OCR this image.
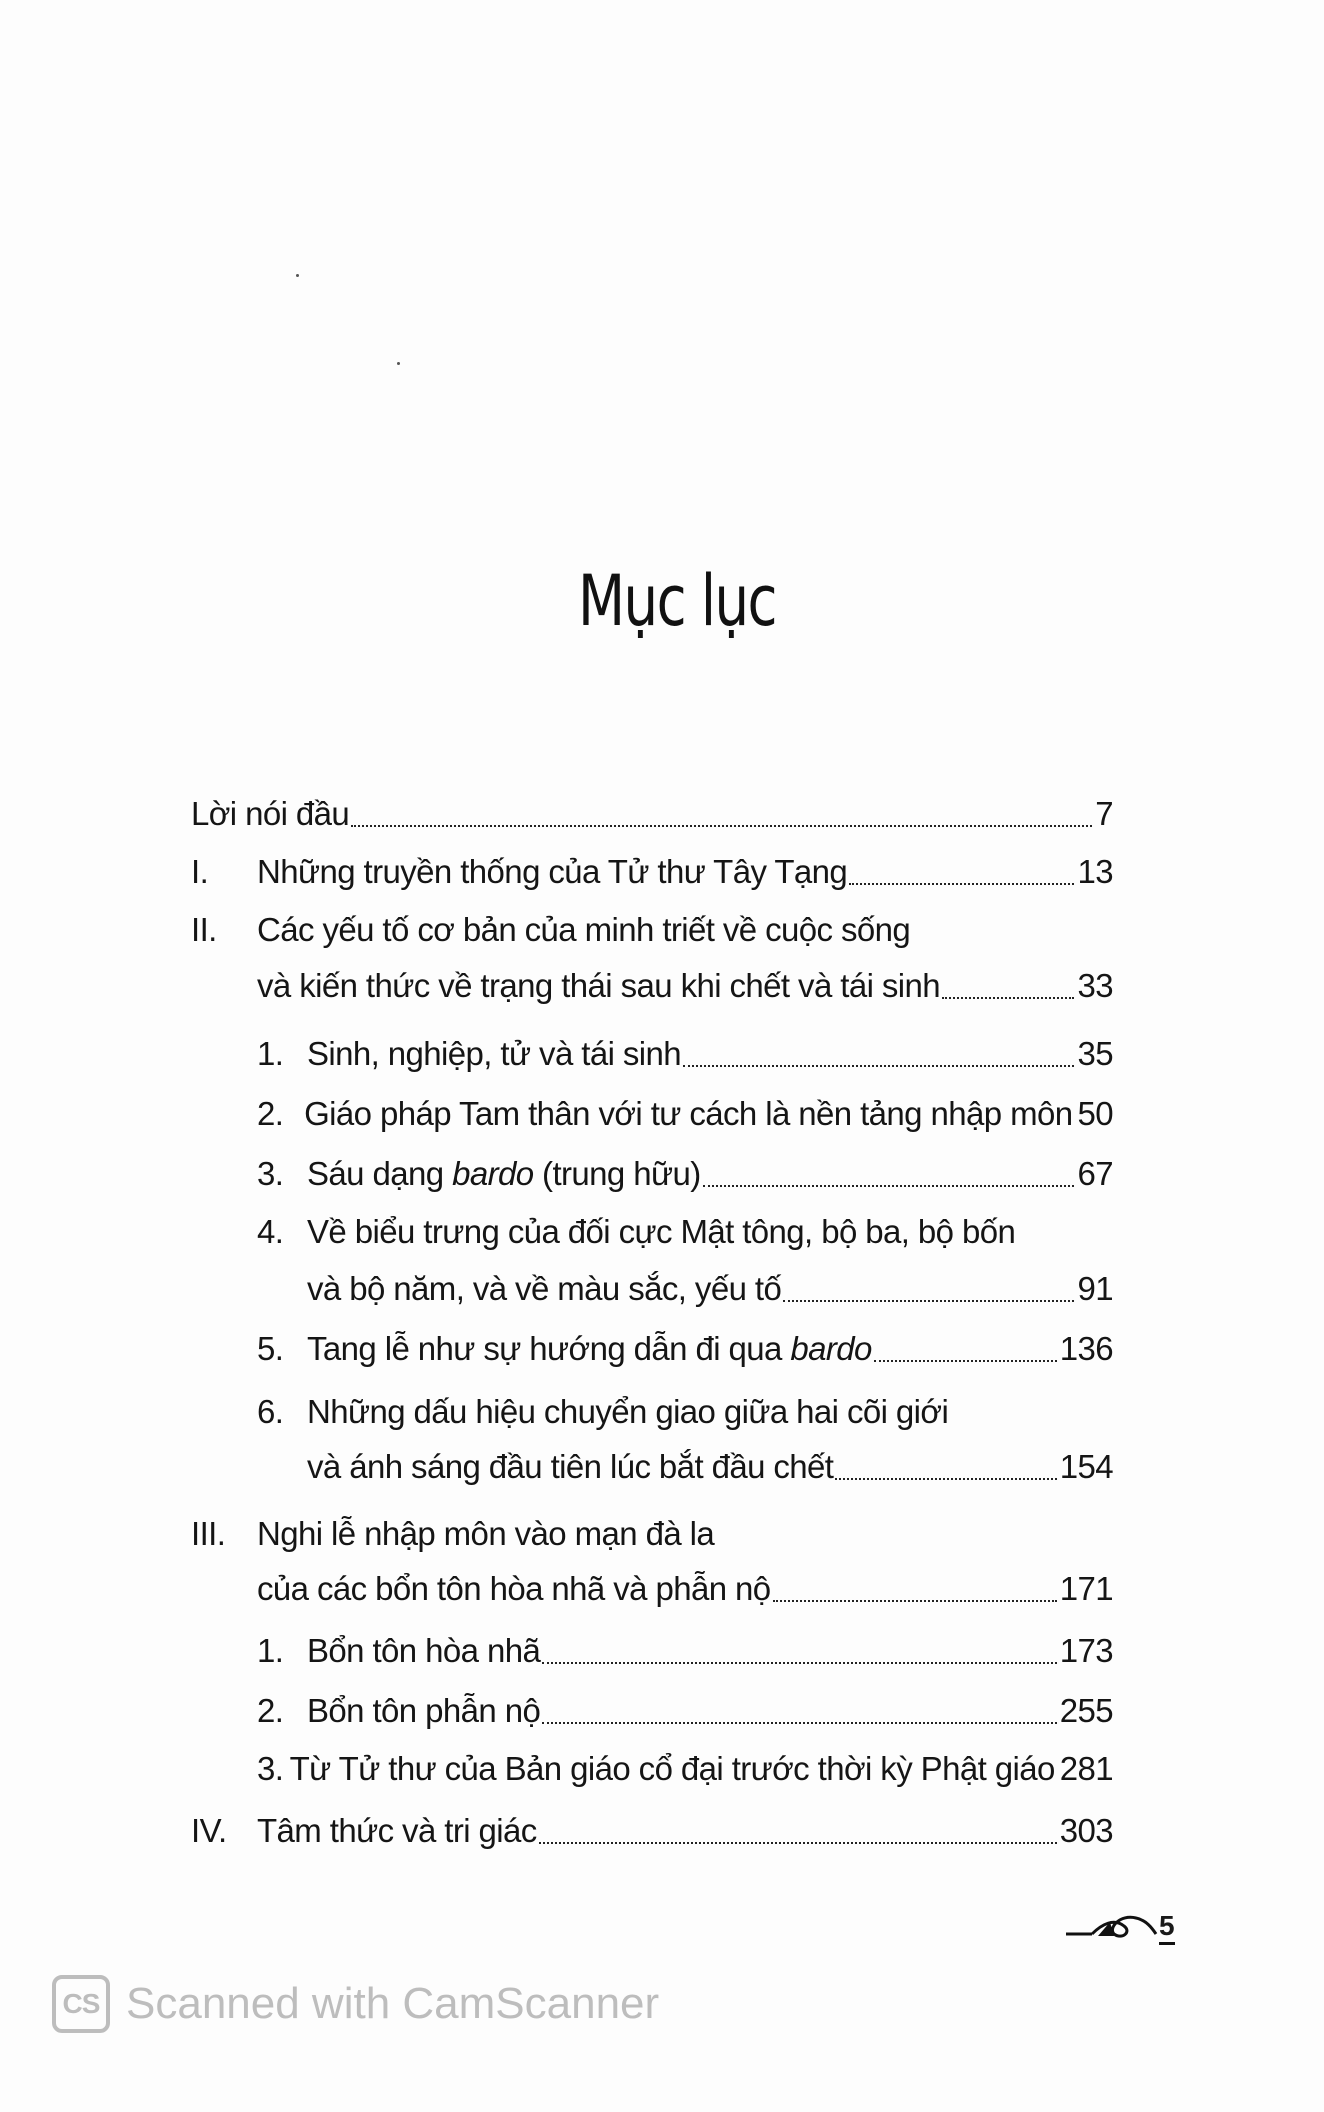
Mục lục
Lời nói đầu	7
I.	Những truyền thống của Tử thư Tây Tạng	13
II.	Các yếu tố cơ bản của minh triết về cuộc sống
và kiến thức về trạng thái sau khi chết và tái sinh	33
1. Sinh, nghiệp, tử và tái sinh	35
2. Giáo pháp Tam thân với tư cách là nền tảng nhập môn 50
3. Sáu dạng bardo (trung hữu)	67
4. Về biểu trưng của đối cực Mật tông, bộ ba, bộ bốn
và bộ năm, và về màu sắc, yếu tố	91
5. Tang lễ như sự hướng dẫn đi qua bardo	136
6. Những dấu hiệu chuyển giao giữa hai cõi giới
và ánh sáng đầu tiên lúc bắt đầu chết	154
III. Nghi lễ nhập môn vào mạn đà la
của các bổn tôn hòa nhã và phẫn nộ	171
1. Bổn tôn hòa nhã	173
2. Bổn tôn phẫn nộ	255
3. Từ Tử thư của Bản giáo cổ đại trước thời kỳ Phật giáo 281
IV. Tâm thức và tri giác	303
5
CS Scanned with CamScanner
